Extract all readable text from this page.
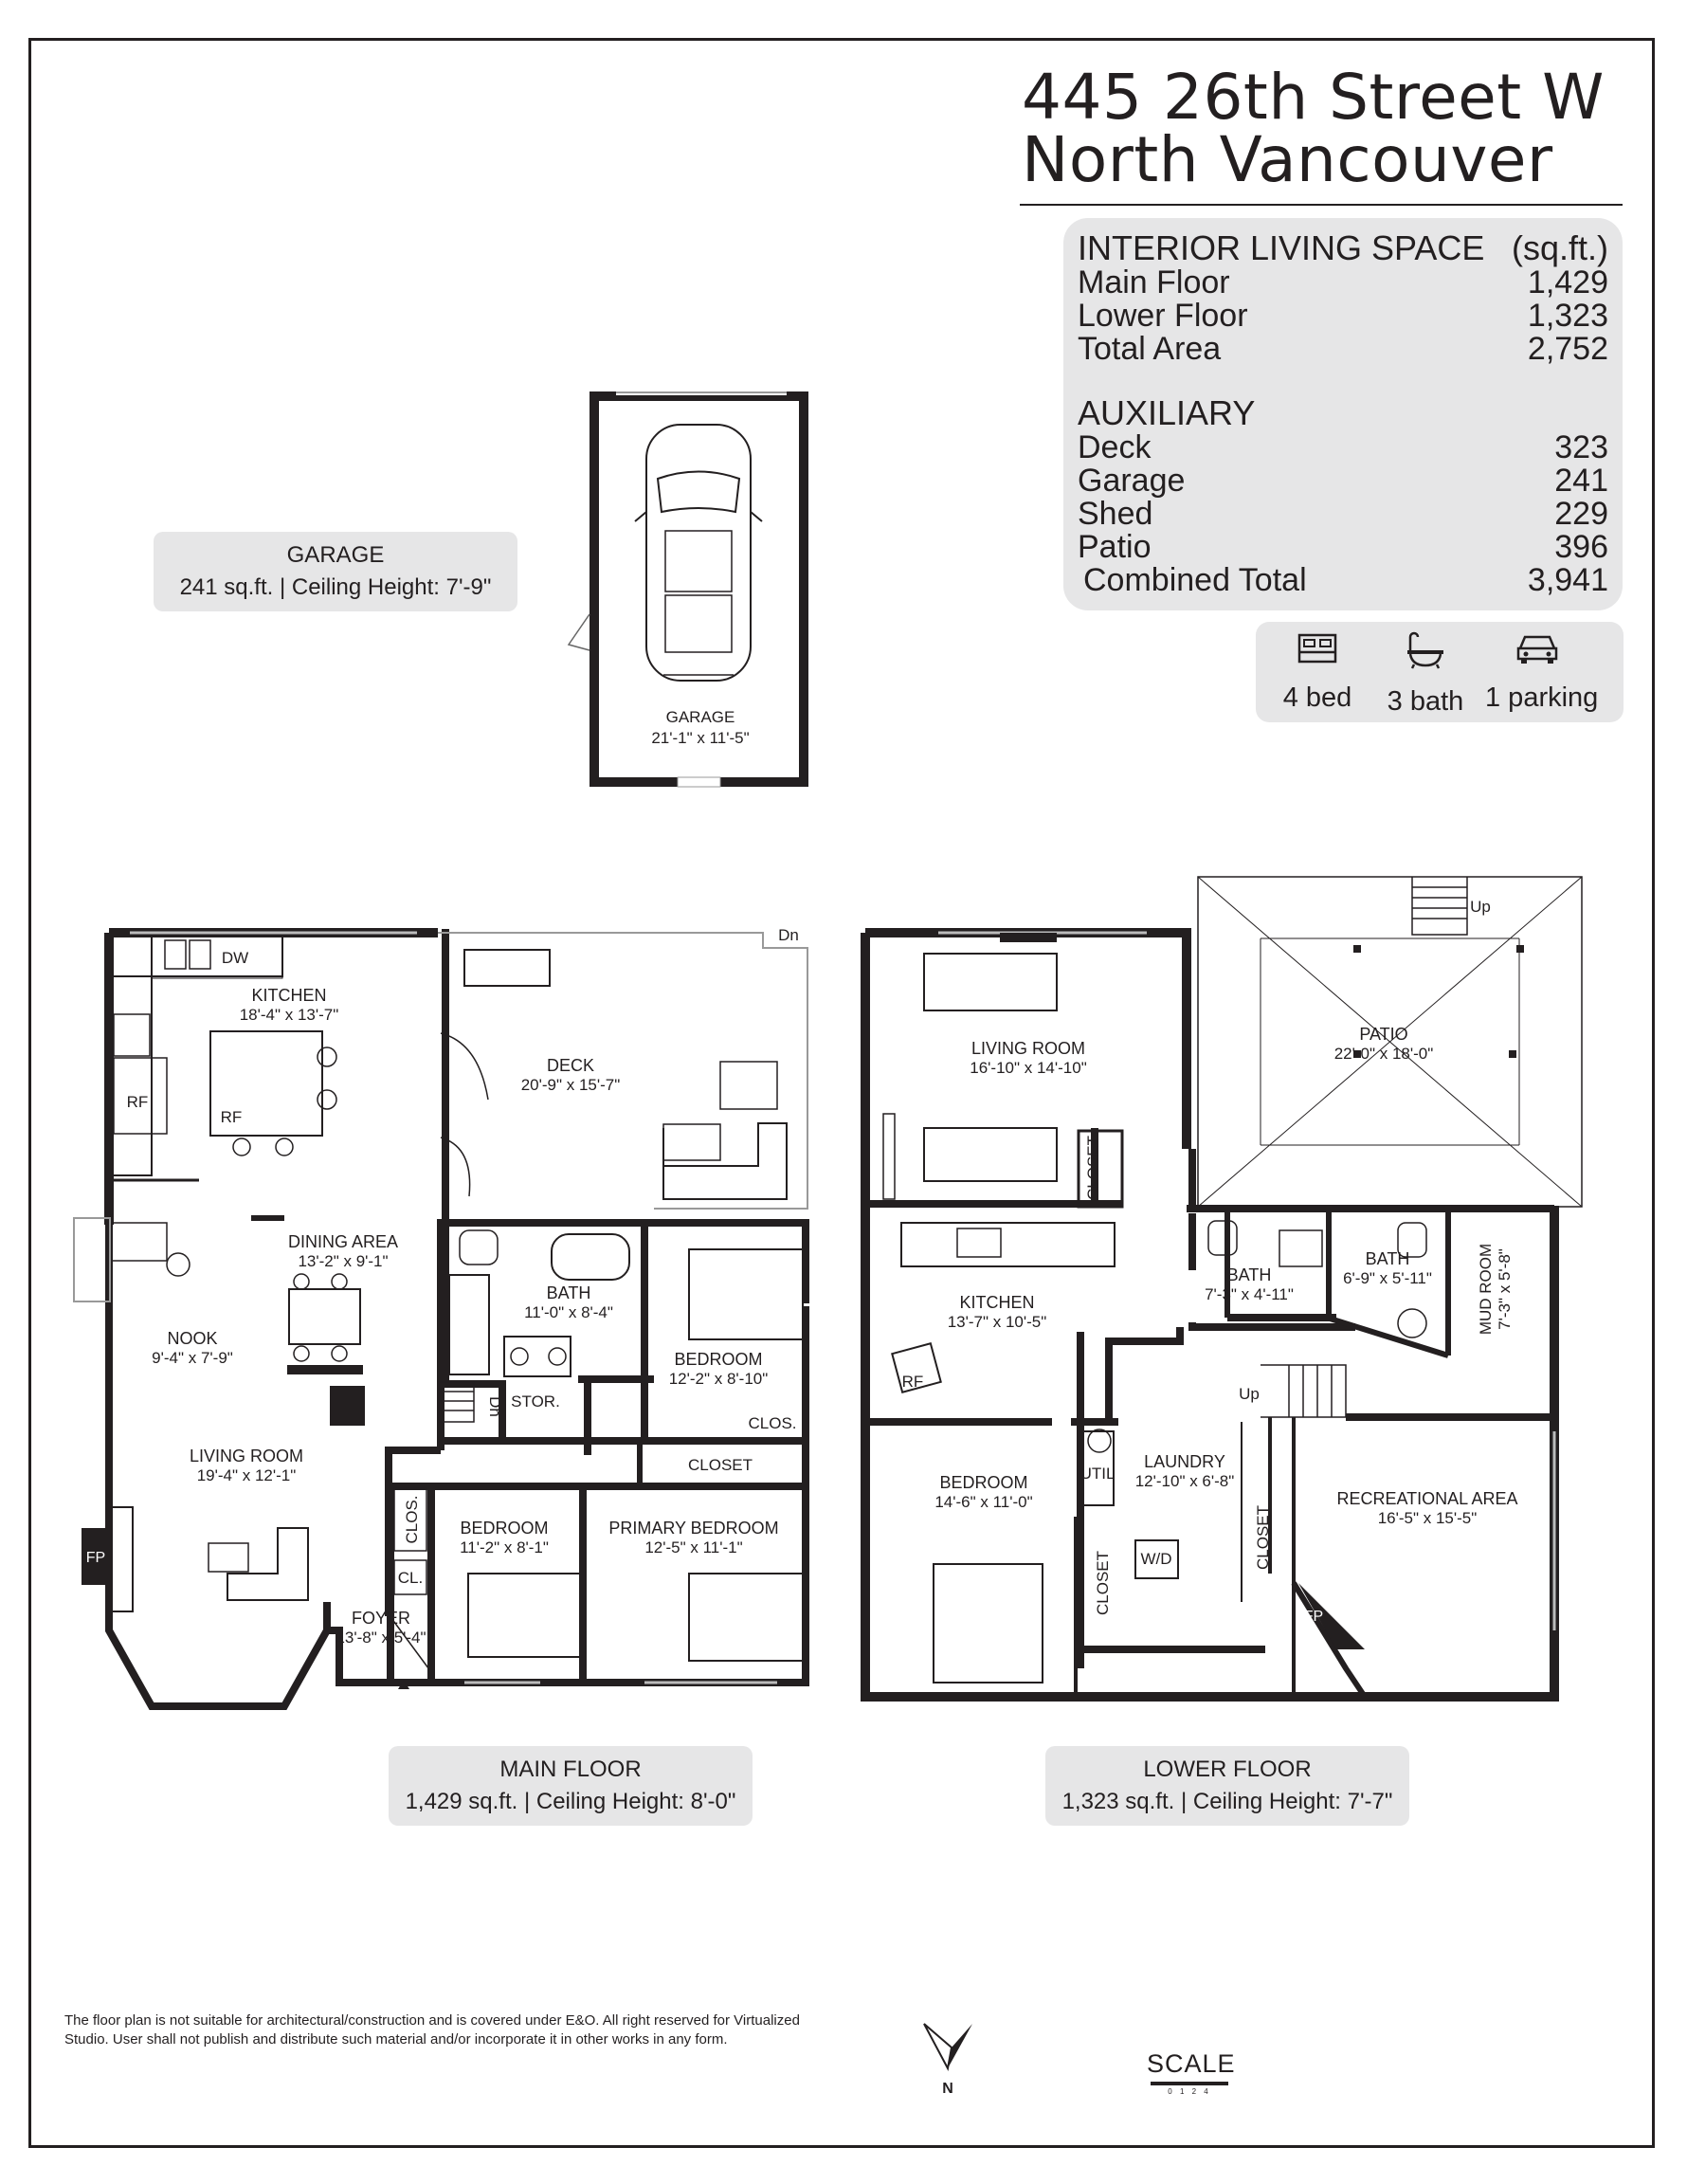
445 26th Street W
North Vancouver
INTERIOR LIVING SPACE (sq.ft.)
Main Floor	1,429
Lower Floor	1,323
Total Area	2,752
AUXILIARY
Deck	323
Garage	241
Shed	229
Patio	396
Combined Total	3,941
4 bed	3 bath 1 parking
GARAGE
241 sq.ft. | Ceiling Height: 7'-9"
MAIN FLOOR
1,429 sq.ft. | Ceiling Height: 8'-0"
LOWER FLOOR
1,323 sq.ft. | Ceiling Height: 7'-7"
GARAGE
21'-1" x 11'-5"
KITCHEN
18'-4" x 13'-7"
DECK
20'-9" x 15'-7"
DINING AREA
13'-2" x 9'-1"
NOOK
9'-4" x 7'-9"
BATH
11'-0" x 8'-4"
BEDROOM
12'-2" x 8'-10"
LIVING ROOM
19'-4" x 12'-1"
BEDROOM
11'-2" x 8'-1"
PRIMARY BEDROOM
12'-5" x 11'-1"
FOYER
13'-8" x 5'-4"
DW
RF
RF
Dn
Dn STOR.
CLOS.
CLOSET
CLOS.
CL.
FP
LIVING ROOM
16'-10" x 14'-10"
PATIO
22'-0" x 18'-0"
KITCHEN
13'-7" x 10'-5"
BATH
7'-3" x 4'-11"
BATH
6'-9" x 5'-11"	MUD ROOM 7'-3" x 5'-8"
BEDROOM
14'-6" x 11'-0"
LAUNDRY
12'-10" x 6'-8"
RECREATIONAL AREA
16'-5" x 15'-5"
CLOSET
RF
Up
Up
UTIL
W/D
CLOSET
CLOSET
FP
N
The floor plan is not suitable for architectural/construction and is covered under E&O. All right reserved for Virtualized Studio. User shall not publish and distribute such material and/or incorporate it in other works in any form.
SCALE
0 1 2 4
